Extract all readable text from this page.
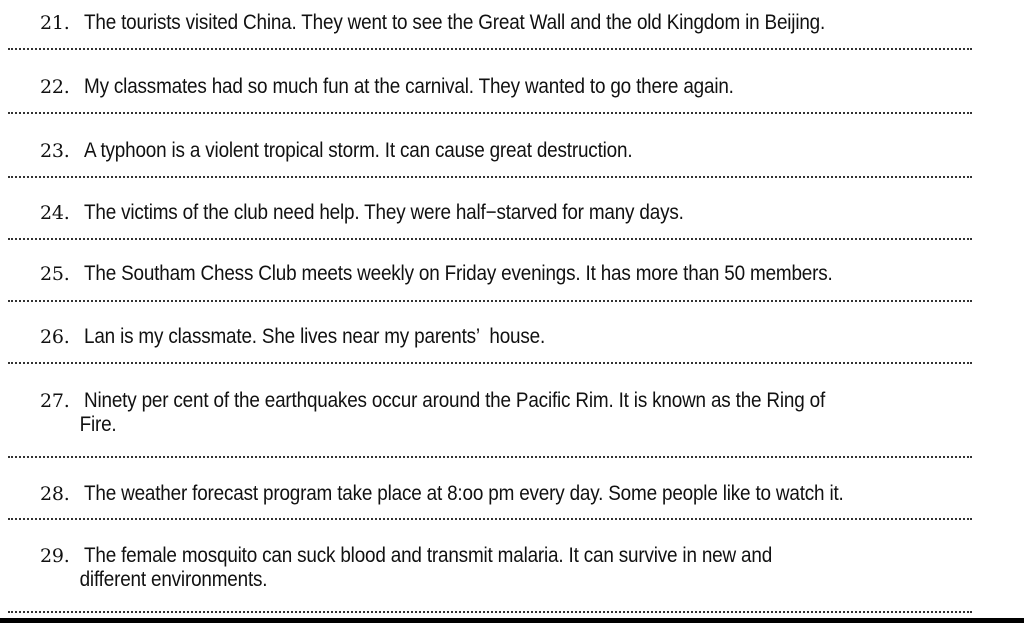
21. The tourists visited China. They went to see the Great Wall and the old Kingdom in Beijing.
22. My classmates had so much fun at the carnival. They wanted to go there again.
23. A typhoon is a violent tropical storm. It can cause great destruction.
24. The victims of the club need help. They were half−starved for many days.
25. The Southam Chess Club meets weekly on Friday evenings. It has more than 50 members.
26. Lan is my classmate. She lives near my parents’  house.
27. Ninety per cent of the earthquakes occur around the Pacific Rim. It is known as the Ring of
Fire.
28. The weather forecast program take place at 8:oo pm every day. Some people like to watch it.
29. The female mosquito can suck blood and transmit malaria. It can survive in new and
different environments.
